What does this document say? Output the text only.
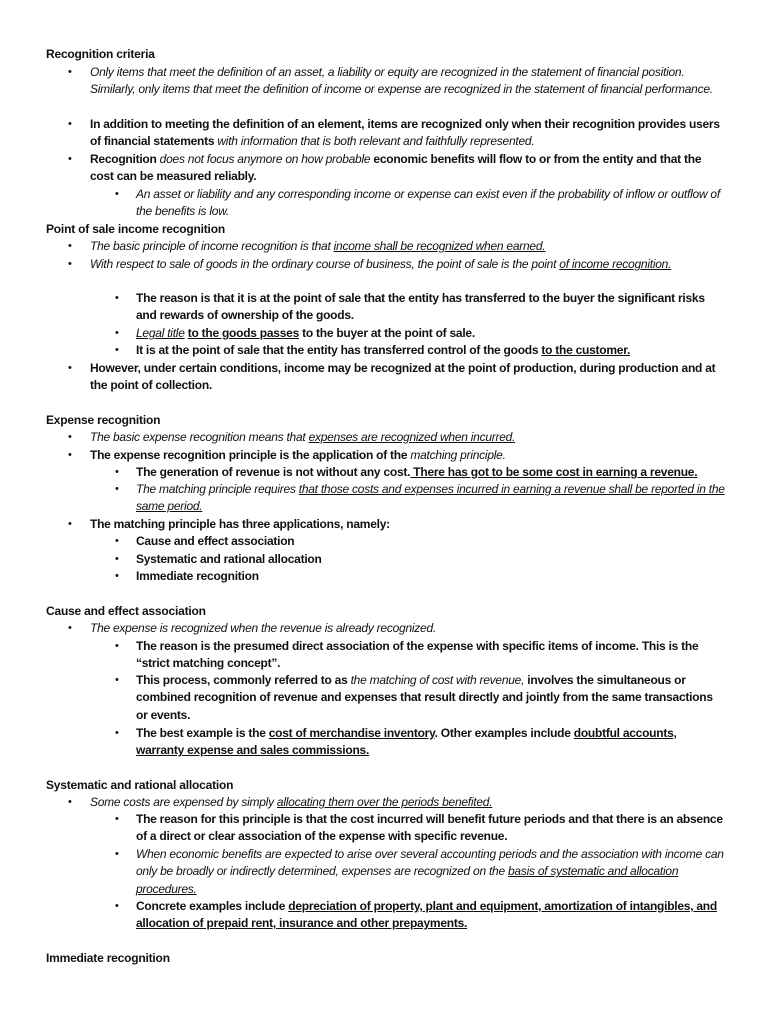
Recognition criteria
• Only items that meet the definition of an asset, a liability or equity are recognized in the statement of financial position. Similarly, only items that meet the definition of income or expense are recognized in the statement of financial performance.
• In addition to meeting the definition of an element, items are recognized only when their recognition provides users of financial statements with information that is both relevant and faithfully represented.
• Recognition does not focus anymore on how probable economic benefits will flow to or from the entity and that the cost can be measured reliably.
• An asset or liability and any corresponding income or expense can exist even if the probability of inflow or outflow of the benefits is low.
Point of sale income recognition
• The basic principle of income recognition is that income shall be recognized when earned.
• With respect to sale of goods in the ordinary course of business, the point of sale is the point of income recognition.
• The reason is that it is at the point of sale that the entity has transferred to the buyer the significant risks and rewards of ownership of the goods.
• Legal title to the goods passes to the buyer at the point of sale.
• It is at the point of sale that the entity has transferred control of the goods to the customer.
• However, under certain conditions, income may be recognized at the point of production, during production and at the point of collection.
Expense recognition
• The basic expense recognition means that expenses are recognized when incurred.
• The expense recognition principle is the application of the matching principle.
• The generation of revenue is not without any cost. There has got to be some cost in earning a revenue.
• The matching principle requires that those costs and expenses incurred in earning a revenue shall be reported in the same period.
• The matching principle has three applications, namely:
• Cause and effect association
• Systematic and rational allocation
• Immediate recognition
Cause and effect association
• The expense is recognized when the revenue is already recognized.
• The reason is the presumed direct association of the expense with specific items of income. This is the “strict matching concept”.
• This process, commonly referred to as the matching of cost with revenue, involves the simultaneous or combined recognition of revenue and expenses that result directly and jointly from the same transactions or events.
• The best example is the cost of merchandise inventory. Other examples include doubtful accounts, warranty expense and sales commissions.
Systematic and rational allocation
• Some costs are expensed by simply allocating them over the periods benefited.
• The reason for this principle is that the cost incurred will benefit future periods and that there is an absence of a direct or clear association of the expense with specific revenue.
• When economic benefits are expected to arise over several accounting periods and the association with income can only be broadly or indirectly determined, expenses are recognized on the basis of systematic and allocation procedures.
• Concrete examples include depreciation of property, plant and equipment, amortization of intangibles, and allocation of prepaid rent, insurance and other prepayments.
Immediate recognition
